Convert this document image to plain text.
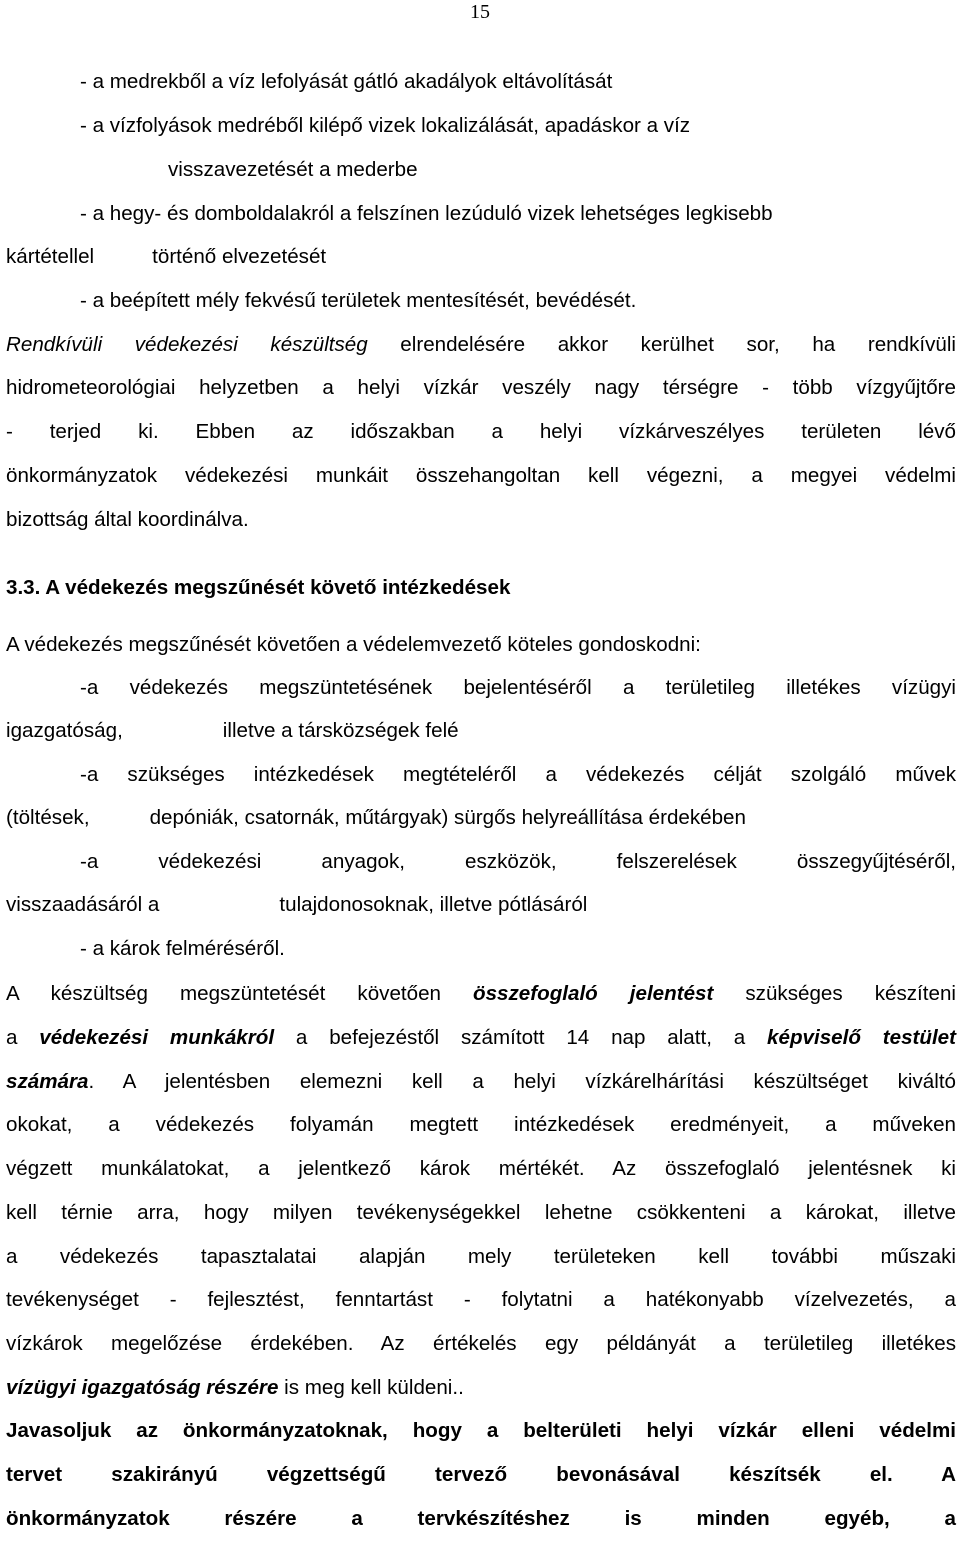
15
- a medrekből a víz lefolyását gátló akadályok eltávolítását
- a vízfolyások medréből kilépő vizek lokalizálását, apadáskor a víz
visszavezetését a mederbe
- a hegy- és domboldalakról a felszínen lezúduló vizek lehetséges legkisebb
kártétellel	történő elvezetését
- a beépített mély fekvésű területek mentesítését, bevédését.
Rendkívüli védekezési készültség elrendelésére akkor kerülhet sor, ha rendkívüli
hidrometeorológiai helyzetben a helyi vízkár veszély nagy térségre - több vízgyűjtőre
- terjed ki. Ebben az időszakban a helyi vízkárveszélyes területen lévő
önkormányzatok védekezési munkáit összehangoltan kell végezni, a megyei védelmi
bizottság által koordinálva.
3.3. A védekezés megszűnését követő intézkedések
A védekezés megszűnését követően a védelemvezető köteles gondoskodni:
-a védekezés megszüntetésének bejelentéséről a területileg illetékes vízügyi
igazgatóság,	illetve a társközségek felé
-a szükséges intézkedések megtételéről a védekezés célját szolgáló művek
(töltések,	depóniák, csatornák, műtárgyak) sürgős helyreállítása érdekében
-a védekezési anyagok, eszközök, felszerelések összegyűjtéséről,
visszaadásáról a	tulajdonosoknak, illetve pótlásáról
- a károk felméréséről.
A készültség megszüntetését követően összefoglaló jelentést szükséges készíteni
a védekezési munkákról a befejezéstől számított 14 nap alatt, a képviselő testület
számára. A jelentésben elemezni kell a helyi vízkárelhárítási készültséget kiváltó
okokat, a védekezés folyamán megtett intézkedések eredményeit, a műveken
végzett munkálatokat, a jelentkező károk mértékét. Az összefoglaló jelentésnek ki
kell térnie arra, hogy milyen tevékenységekkel lehetne csökkenteni a károkat, illetve
a védekezés tapasztalatai alapján mely területeken kell további műszaki
tevékenységet - fejlesztést, fenntartást - folytatni a hatékonyabb vízelvezetés, a
vízkárok megelőzése érdekében. Az értékelés egy példányát a területileg illetékes
vízügyi igazgatóság részére is meg kell küldeni..
Javasoljuk az önkormányzatoknak, hogy a belterületi helyi vízkár elleni védelmi
tervet szakirányú végzettségű tervező bevonásával készítsék el. A
önkormányzatok részére a tervkészítéshez is minden egyéb, a
